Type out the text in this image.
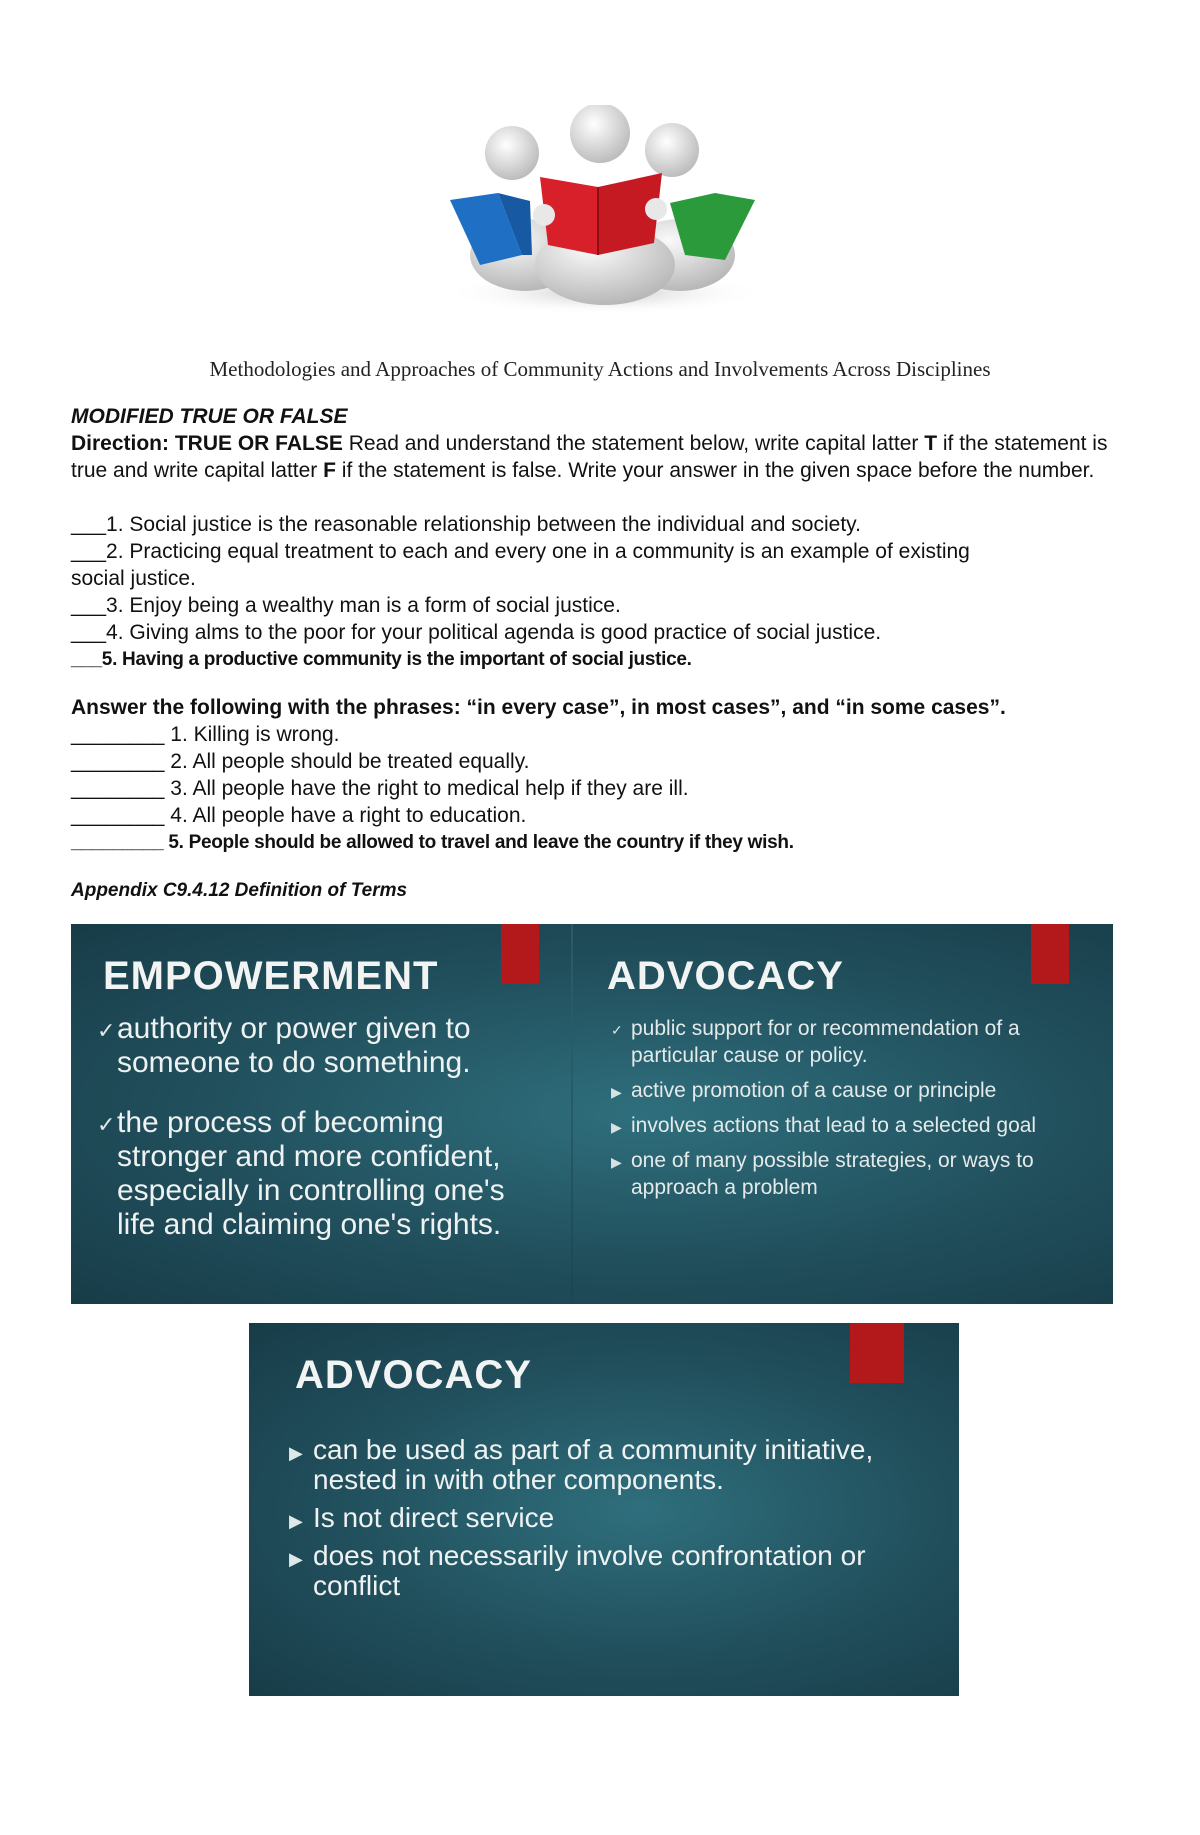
Methodologies and Approaches of Community Actions and Involvements Across Disciplines
MODIFIED TRUE OR FALSE
Direction: TRUE OR FALSE Read and understand the statement below, write capital latter T if the statement is true and write capital latter F if the statement is false. Write your answer in the given space before the number.
___1. Social justice is the reasonable relationship between the individual and society.
___2. Practicing equal treatment to each and every one in a community is an example of existing
social justice.
___3. Enjoy being a wealthy man is a form of social justice.
___4. Giving alms to the poor for your political agenda is good practice of social justice.
___5. Having a productive community is the important of social justice.
Answer the following with the phrases: “in every case”, in most cases”, and “in some cases”.
________ 1. Killing is wrong.
________ 2. All people should be treated equally.
________ 3. All people have the right to medical help if they are ill.
________ 4. All people have a right to education.
_________ 5. People should be allowed to travel and leave the country if they wish.
Appendix C9.4.12 Definition of Terms
EMPOWERMENT
✓ authority or power given to someone to do something.
✓ the process of becoming stronger and more confident, especially in controlling one's life and claiming one's rights.
ADVOCACY
✓ public support for or recommendation of a particular cause or policy.
▶ active promotion of a cause or principle
▶ involves actions that lead to a selected goal
▶ one of many possible strategies, or ways to approach a problem
ADVOCACY
▶ can be used as part of a community initiative, nested in with other components.
▶ Is not direct service
▶ does not necessarily involve confrontation or conflict
